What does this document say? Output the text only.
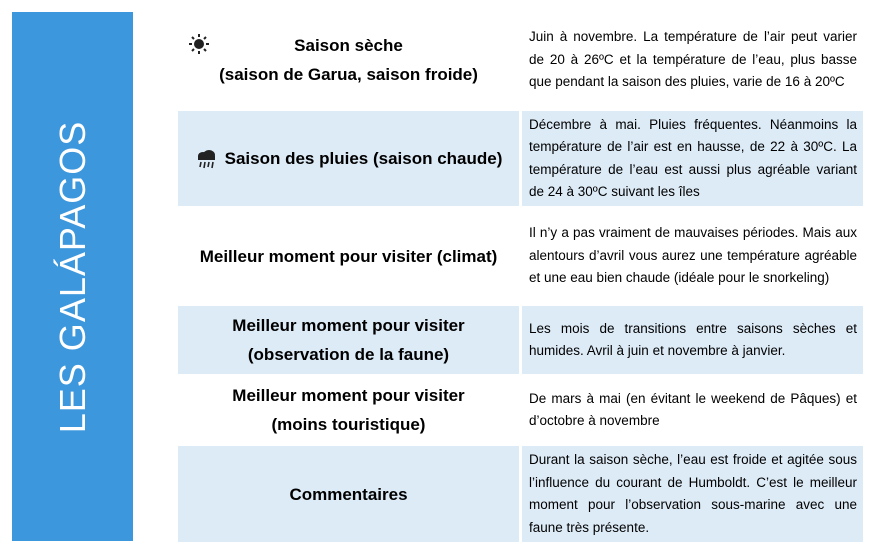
LES GALÁPAGOS
Saison sèche
(saison de Garua, saison froide)
Juin à novembre. La température de l’air peut varier de 20 à 26ºC et la température de l’eau, plus basse que pendant la saison des pluies, varie de 16 à 20ºC
Saison des pluies (saison chaude)
Décembre à mai. Pluies fréquentes. Néanmoins la température de l’air est en hausse, de 22 à 30ºC. La température de l’eau est aussi plus agréable variant de 24 à 30ºC suivant les îles
Meilleur moment pour visiter (climat)
Il n’y a pas vraiment de mauvaises périodes. Mais aux alentours d’avril vous aurez une température agréable et une eau bien chaude (idéale pour le snorkeling)
Meilleur moment pour visiter
(observation de la faune)
Les mois de transitions entre saisons sèches et humides. Avril à juin et novembre à janvier.
Meilleur moment pour visiter
(moins touristique)
De mars à mai (en évitant le weekend de Pâques) et d’octobre à novembre
Commentaires
Durant la saison sèche, l’eau est froide et agitée sous l’influence du courant de Humboldt. C’est le meilleur moment pour l’observation sous-marine avec une faune très présente.
